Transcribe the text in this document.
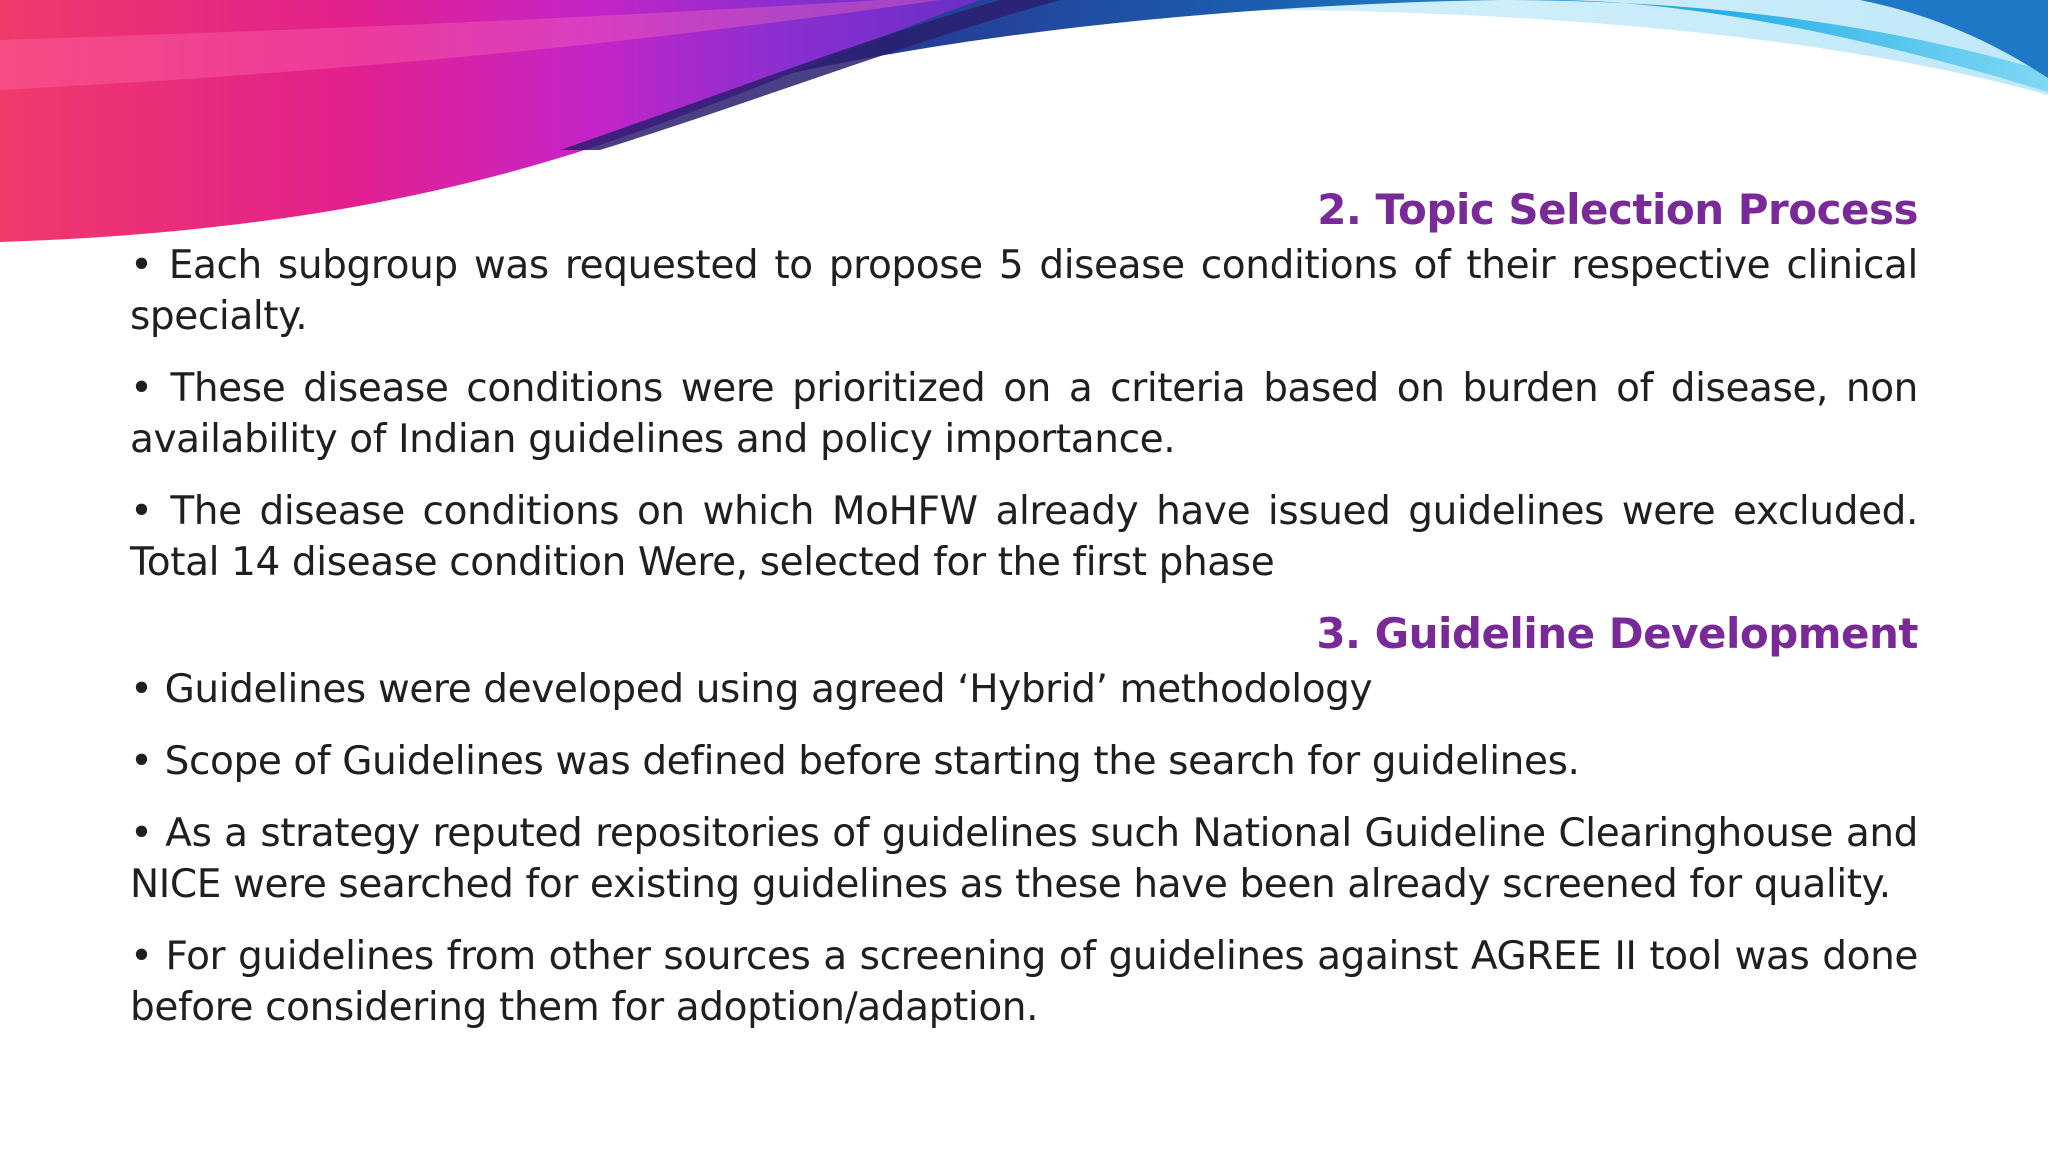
2. Topic Selection Process

• Each subgroup was requested to propose 5 disease conditions of their respective clinical specialty.

• These disease conditions were prioritized on a criteria based on burden of disease, non availability of Indian guidelines and policy importance.

• The disease conditions on which MoHFW already have issued guidelines were excluded. Total 14 disease condition Were, selected for the first phase

3. Guideline Development

• Guidelines were developed using agreed ‘Hybrid’ methodology

• Scope of Guidelines was defined before starting the search for guidelines.

• As a strategy reputed repositories of guidelines such National Guideline Clearinghouse and NICE were searched for existing guidelines as these have been already screened for quality.

• For guidelines from other sources a screening of guidelines against AGREE II tool was done before considering them for adoption/adaption.
